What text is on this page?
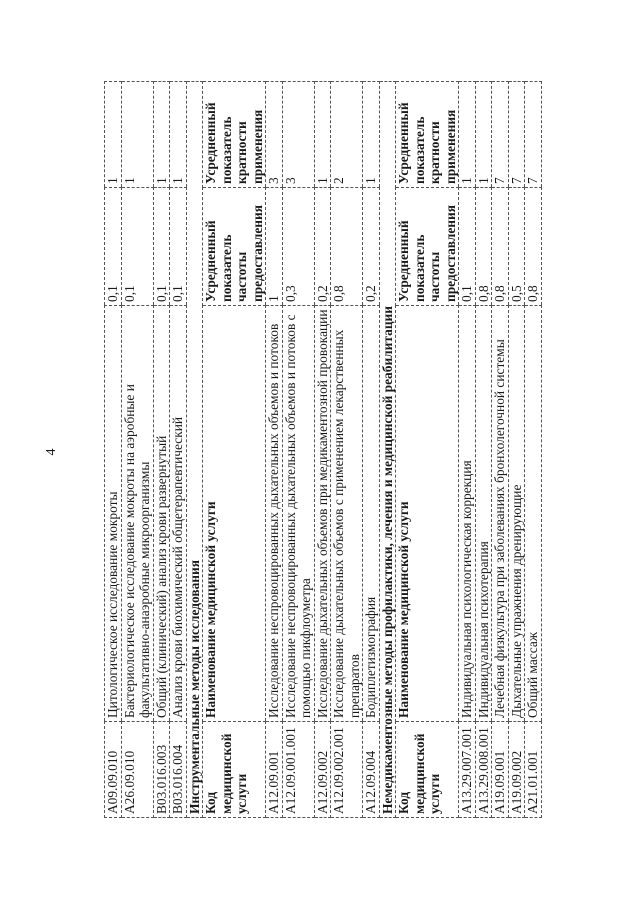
4
A09.09.010	Цитологическое исследование мокроты	0,1	1
A26.09.010	Бактериологическое исследование мокроты на аэробные и факультативно-анаэробные микроорганизмы	0,1	1
B03.016.003	Общий (клинический) анализ крови развернутый	0,1	1
B03.016.004	Анализ крови биохимический общетерапевтический	0,1	1
Инструментальные методы исследования			
Код медицинской услуги	Наименование медицинской услуги	Усредненный показатель частоты предоставления	Усредненный показатель кратности применения
A12.09.001	Исследование неспровоцированных дыхательных объемов и потоков	1	3
A12.09.001.001	Исследование неспровоцированных дыхательных объемов и потоков с помощью пикфлоуметра	0,3	3
A12.09.002	Исследование дыхательных объемов при медикаментозной провокации	0,2	1
A12.09.002.001	Исследование дыхательных объемов с применением лекарственных препаратов	0,8	2
A12.09.004	Бодиплетизмография	0,2	1
Немедикаментозные методы профилактики, лечения и медицинской реабилитации			
Код медицинской услуги	Наименование медицинской услуги	Усредненный показатель частоты предоставления	Усредненный показатель кратности применения
A13.29.007.001	Индивидуальная психологическая коррекция	0,1	1
A13.29.008.001	Индивидуальная психотерапия	0,8	1
A19.09.001	Лечебная физкультура при заболеваниях бронхолегочной системы	0,8	7
A19.09.002	Дыхательные упражнения дренирующие	0,5	7
A21.01.001	Общий массаж	0,8	7
